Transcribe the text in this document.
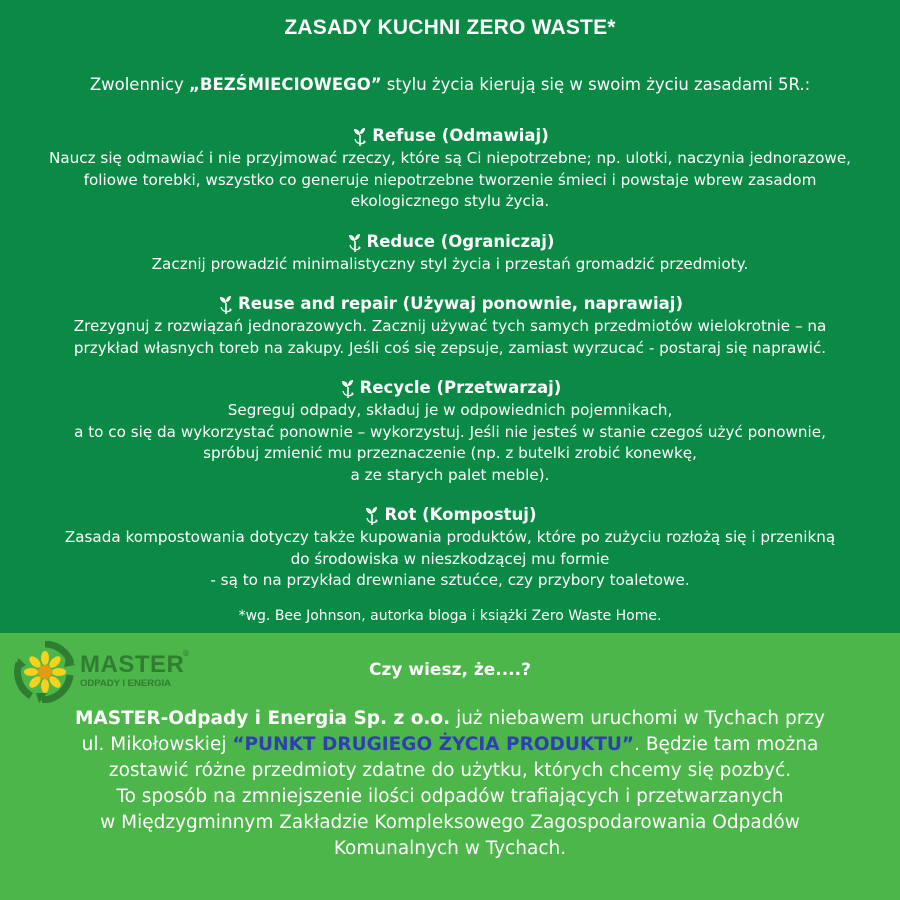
ZASADY KUCHNI ZERO WASTE*
Zwolennicy „BEZŚMIECIOWEGO” stylu życia kierują się w swoim życiu zasadami 5R.:
Refuse (Odmawiaj)
Naucz się odmawiać i nie przyjmować rzeczy, które są Ci niepotrzebne; np. ulotki, naczynia jednorazowe,
foliowe torebki, wszystko co generuje niepotrzebne tworzenie śmieci i powstaje wbrew zasadom
ekologicznego stylu życia.
Reduce (Ograniczaj)
Zacznij prowadzić minimalistyczny styl życia i przestań gromadzić przedmioty.
Reuse and repair (Używaj ponownie, naprawiaj)
Zrezygnuj z rozwiązań jednorazowych. Zacznij używać tych samych przedmiotów wielokrotnie – na
przykład własnych toreb na zakupy. Jeśli coś się zepsuje, zamiast wyrzucać - postaraj się naprawić.
Recycle (Przetwarzaj)
Segreguj odpady, składuj je w odpowiednich pojemnikach,
a to co się da wykorzystać ponownie – wykorzystuj. Jeśli nie jesteś w stanie czegoś użyć ponownie,
spróbuj zmienić mu przeznaczenie (np. z butelki zrobić konewkę,
a ze starych palet meble).
Rot (Kompostuj)
Zasada kompostowania dotyczy także kupowania produktów, które po zużyciu rozłożą się i przenikną
do środowiska w nieszkodzącej mu formie
- są to na przykład drewniane sztućce, czy przybory toaletowe.
*wg. Bee Johnson, autorka bloga i książki Zero Waste Home.
MASTER
ODPADY I ENERGIA
®
Czy wiesz, że....?
MASTER-Odpady i Energia Sp. z o.o. już niebawem uruchomi w Tychach przy
ul. Mikołowskiej “PUNKT DRUGIEGO ŻYCIA PRODUKTU”. Będzie tam można
zostawić różne przedmioty zdatne do użytku, których chcemy się pozbyć.
To sposób na zmniejszenie ilości odpadów trafiających i przetwarzanych
w Międzygminnym Zakładzie Kompleksowego Zagospodarowania Odpadów
Komunalnych w Tychach.
